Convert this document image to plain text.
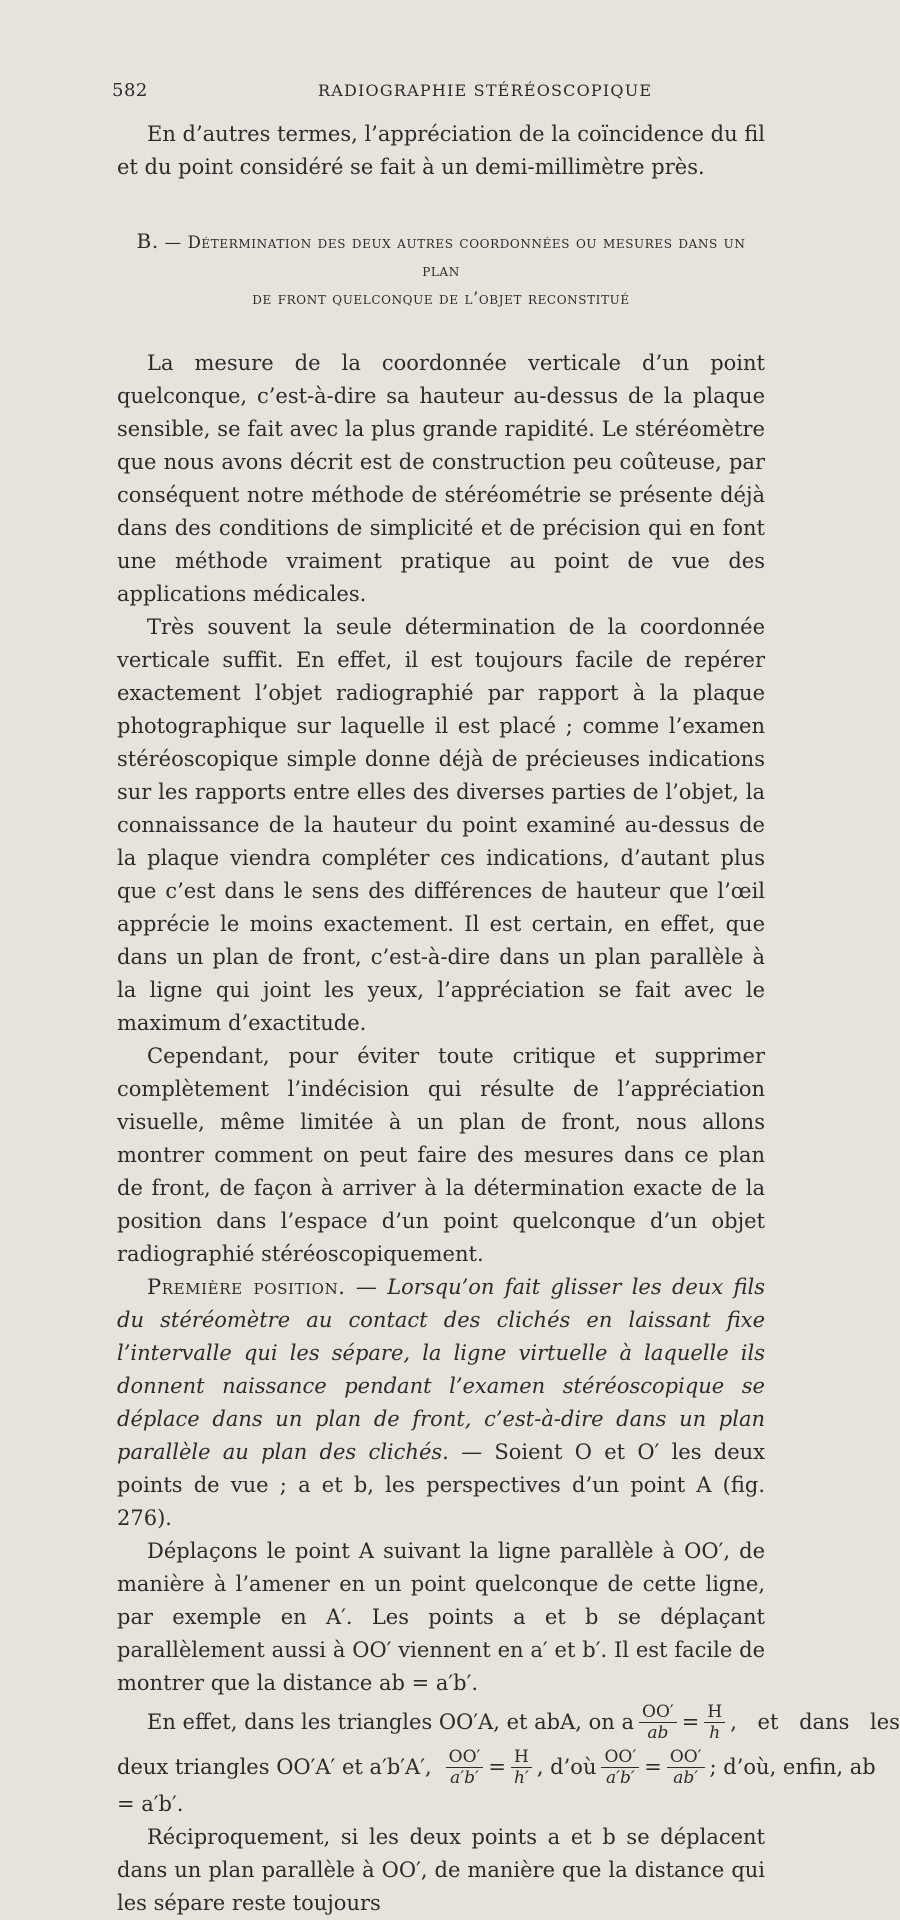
582	RADIOGRAPHIE STÉRÉOSCOPIQUE

En d’autres termes, l’appréciation de la coïncidence du fil et du point considéré se fait à un demi-millimètre près.

B. — Détermination des deux autres coordonnées ou mesures dans un plan
de front quelconque de l’objet reconstitué

La mesure de la coordonnée verticale d’un point quelconque, c’est-à-dire sa hauteur au-dessus de la plaque sensible, se fait avec la plus grande rapidité. Le stéréomètre que nous avons décrit est de construction peu coûteuse, par conséquent notre méthode de stéréométrie se présente déjà dans des conditions de simplicité et de précision qui en font une méthode vraiment pratique au point de vue des applications médicales.

Très souvent la seule détermination de la coordonnée verticale suffit. En effet, il est toujours facile de repérer exactement l’objet radiographié par rapport à la plaque photographique sur laquelle il est placé ; comme l’examen stéréoscopique simple donne déjà de précieuses indications sur les rapports entre elles des diverses parties de l’objet, la connaissance de la hauteur du point examiné au-dessus de la plaque viendra compléter ces indications, d’autant plus que c’est dans le sens des différences de hauteur que l’œil apprécie le moins exactement. Il est certain, en effet, que dans un plan de front, c’est-à-dire dans un plan parallèle à la ligne qui joint les yeux, l’appréciation se fait avec le maximum d’exactitude.

Cependant, pour éviter toute critique et supprimer complètement l’indécision qui résulte de l’appréciation visuelle, même limitée à un plan de front, nous allons montrer comment on peut faire des mesures dans ce plan de front, de façon à arriver à la détermination exacte de la position dans l’espace d’un point quelconque d’un objet radiographié stéréoscopiquement.

Première position. — Lorsqu’on fait glisser les deux fils du stéréomètre au contact des clichés en laissant fixe l’intervalle qui les sépare, la ligne virtuelle à laquelle ils donnent naissance pendant l’examen stéréoscopique se déplace dans un plan de front, c’est-à-dire dans un plan parallèle au plan des clichés. — Soient O et O′ les deux points de vue ; a et b, les perspectives d’un point A (fig. 276).

Déplaçons le point A suivant la ligne parallèle à OO′, de manière à l’amener en un point quelconque de cette ligne, par exemple en A′. Les points a et b se déplaçant parallèlement aussi à OO′ viennent en a′ et b′. Il est facile de montrer que la distance ab = a′b′.

En effet, dans les triangles OO′A, et abA, on a $\frac{OO'}{ab} = \frac{H}{h}$ , et dans les
deux triangles OO′A′ et a′b′A′, $\frac{OO'}{a'b'} = \frac{H}{h'}$ , d’où $\frac{OO'}{a'b'} = \frac{OO'}{ab'}$ ; d’où, enfin, ab

= a′b′.

Réciproquement, si les deux points a et b se déplacent dans un plan parallèle à OO′, de manière que la distance qui les sépare reste toujours
